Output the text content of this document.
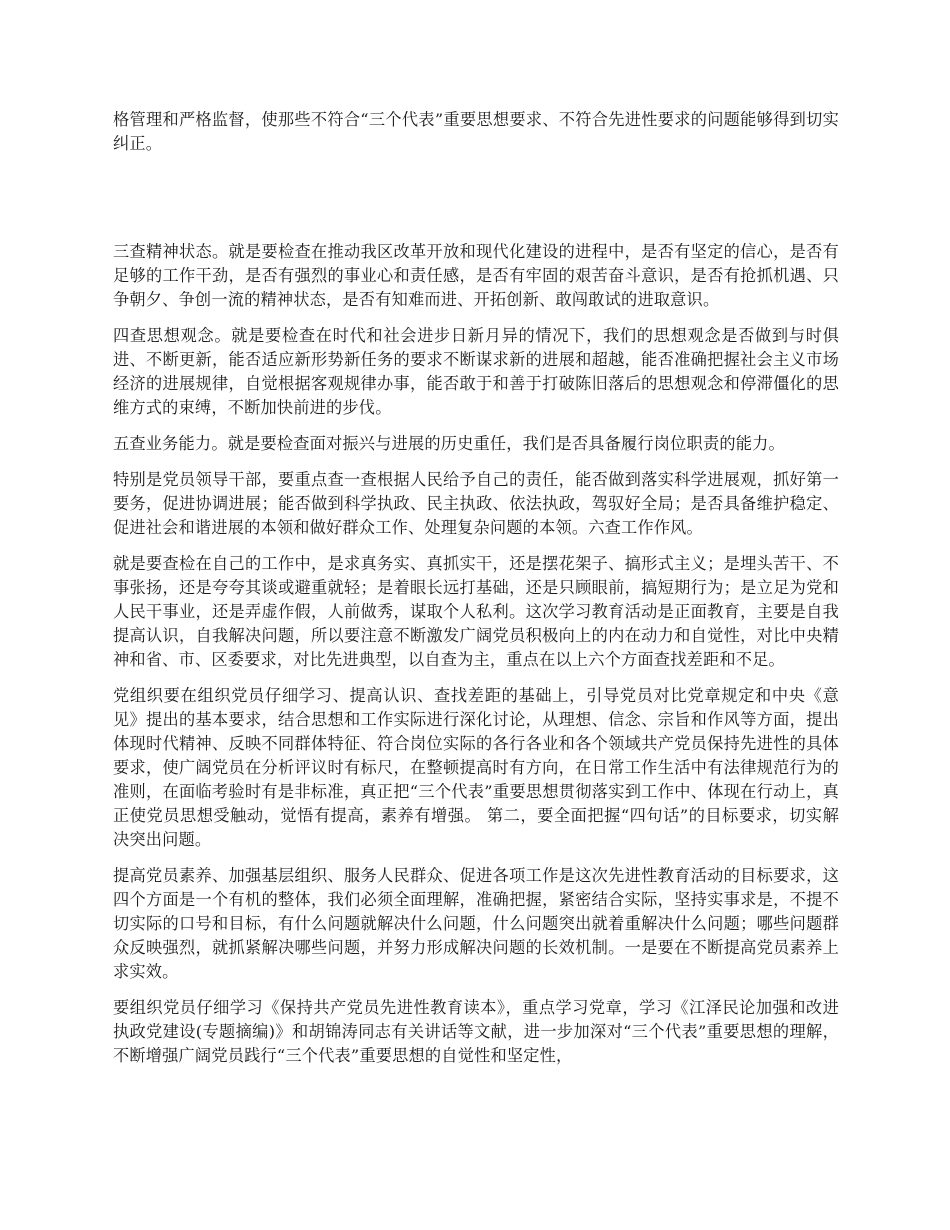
格管理和严格监督，使那些不符合“三个代表”重要思想要求、不符合先进性要求的问题能够得到切实纠正。

三查精神状态。就是要检查在推动我区改革开放和现代化建设的进程中，是否有坚定的信心，是否有足够的工作干劲，是否有强烈的事业心和责任感，是否有牢固的艰苦奋斗意识，是否有抢抓机遇、只争朝夕、争创一流的精神状态，是否有知难而进、开拓创新、敢闯敢试的进取意识。

四查思想观念。就是要检查在时代和社会进步日新月异的情况下，我们的思想观念是否做到与时俱进、不断更新，能否适应新形势新任务的要求不断谋求新的进展和超越，能否准确把握社会主义市场经济的进展规律，自觉根据客观规律办事，能否敢于和善于打破陈旧落后的思想观念和停滞僵化的思维方式的束缚，不断加快前进的步伐。

五查业务能力。就是要检查面对振兴与进展的历史重任，我们是否具备履行岗位职责的能力。

特别是党员领导干部，要重点查一查根据人民给予自己的责任，能否做到落实科学进展观，抓好第一要务，促进协调进展；能否做到科学执政、民主执政、依法执政，驾驭好全局；是否具备维护稳定、促进社会和谐进展的本领和做好群众工作、处理复杂问题的本领。六查工作作风。

就是要查检在自己的工作中，是求真务实、真抓实干，还是摆花架子、搞形式主义；是埋头苦干、不事张扬，还是夸夸其谈或避重就轻；是着眼长远打基础，还是只顾眼前，搞短期行为；是立足为党和人民干事业，还是弄虚作假，人前做秀，谋取个人私利。这次学习教育活动是正面教育，主要是自我提高认识，自我解决问题，所以要注意不断激发广阔党员积极向上的内在动力和自觉性，对比中央精神和省、市、区委要求，对比先进典型，以自查为主，重点在以上六个方面查找差距和不足。

党组织要在组织党员仔细学习、提高认识、查找差距的基础上，引导党员对比党章规定和中央《意见》提出的基本要求，结合思想和工作实际进行深化讨论，从理想、信念、宗旨和作风等方面，提出体现时代精神、反映不同群体特征、符合岗位实际的各行各业和各个领域共产党员保持先进性的具体要求，使广阔党员在分析评议时有标尺，在整顿提高时有方向，在日常工作生活中有法律规范行为的准则，在面临考验时有是非标准，真正把“三个代表”重要思想贯彻落实到工作中、体现在行动上，真正使党员思想受触动，觉悟有提高，素养有增强。 第二，要全面把握“四句话”的目标要求，切实解决突出问题。

提高党员素养、加强基层组织、服务人民群众、促进各项工作是这次先进性教育活动的目标要求，这四个方面是一个有机的整体，我们必须全面理解，准确把握，紧密结合实际，坚持实事求是，不提不切实际的口号和目标，有什么问题就解决什么问题，什么问题突出就着重解决什么问题；哪些问题群众反映强烈，就抓紧解决哪些问题，并努力形成解决问题的长效机制。一是要在不断提高党员素养上求实效。

要组织党员仔细学习《保持共产党员先进性教育读本》，重点学习党章，学习《江泽民论加强和改进执政党建设(专题摘编)》和胡锦涛同志有关讲话等文献，进一步加深对“三个代表”重要思想的理解，不断增强广阔党员践行“三个代表”重要思想的自觉性和坚定性，
